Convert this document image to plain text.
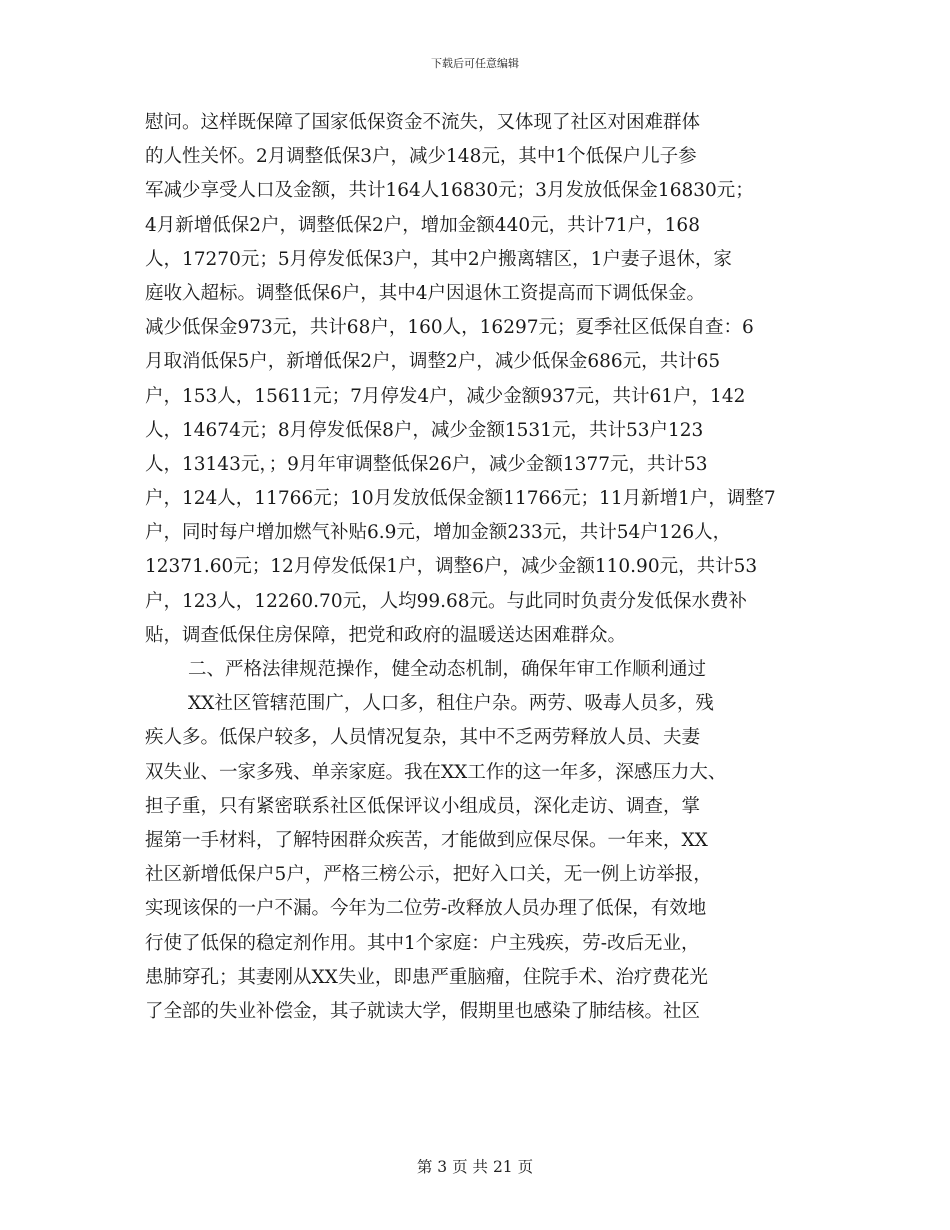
下载后可任意编辑
慰问。这样既保障了国家低保资金不流失，又体现了社区对困难群体
的人性关怀。2月调整低保3户，减少148元，其中1个低保户儿子参
军减少享受人口及金额，共计164人16830元；3月发放低保金16830元；
4月新增低保2户，调整低保2户，增加金额440元，共计71户，168
人，17270元；5月停发低保3户，其中2户搬离辖区，1户妻子退休，家
庭收入超标。调整低保6户，其中4户因退休工资提高而下调低保金。
减少低保金973元，共计68户，160人，16297元；夏季社区低保自查：6
月取消低保5户，新增低保2户，调整2户，减少低保金686元，共计65
户，153人，15611元；7月停发4户，减少金额937元，共计61户，142
人，14674元；8月停发低保8户，减少金额1531元，共计53户123
人，13143元，；9月年审调整低保26户，减少金额1377元，共计53
户，124人，11766元；10月发放低保金额11766元；11月新增1户，调整7
户，同时每户增加燃气补贴6.9元，增加金额233元，共计54户126人，
12371.60元；12月停发低保1户，调整6户，减少金额110.90元，共计53
户，123人，12260.70元，人均99.68元。与此同时负责分发低保水费补
贴，调查低保住房保障，把党和政府的温暖送达困难群众。
二、严格法律规范操作，健全动态机制，确保年审工作顺利通过
XX社区管辖范围广，人口多，租住户杂。两劳、吸毒人员多，残
疾人多。低保户较多，人员情况复杂，其中不乏两劳释放人员、夫妻
双失业、一家多残、单亲家庭。我在XX工作的这一年多，深感压力大、
担子重，只有紧密联系社区低保评议小组成员，深化走访、调查，掌
握第一手材料，了解特困群众疾苦，才能做到应保尽保。一年来，XX
社区新增低保户5户，严格三榜公示，把好入口关，无一例上访举报，
实现该保的一户不漏。今年为二位劳-改释放人员办理了低保，有效地
行使了低保的稳定剂作用。其中1个家庭：户主残疾，劳-改后无业，
患肺穿孔；其妻刚从XX失业，即患严重脑瘤，住院手术、治疗费花光
了全部的失业补偿金，其子就读大学，假期里也感染了肺结核。社区
第 3 页 共 21 页
